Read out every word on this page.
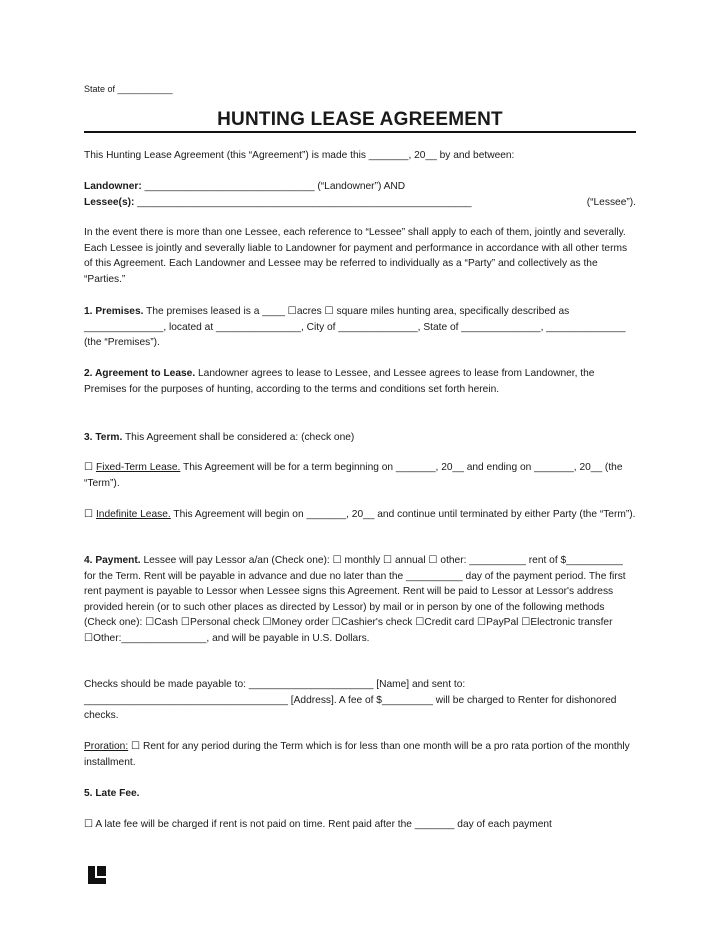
State of ___________
HUNTING LEASE AGREEMENT
This Hunting Lease Agreement (this “Agreement”) is made this _______, 20__ by and between:
Landowner: ______________________________ (“Landowner”) AND
Lessee(s): ___________________________________________________________	(“Lessee”).
In the event there is more than one Lessee, each reference to “Lessee” shall apply to each of them, jointly and severally. Each Lessee is jointly and severally liable to Landowner for payment and performance in accordance with all other terms of this Agreement. Each Landowner and Lessee may be referred to individually as a “Party” and collectively as the “Parties.”
1. Premises. The premises leased is a ____ ☐acres ☐ square miles hunting area, specifically described as ______________, located at _______________, City of ______________, State of ______________, ______________ (the “Premises”).
2. Agreement to Lease. Landowner agrees to lease to Lessee, and Lessee agrees to lease from Landowner, the Premises for the purposes of hunting, according to the terms and conditions set forth herein.
3. Term. This Agreement shall be considered a: (check one)
☐ Fixed-Term Lease. This Agreement will be for a term beginning on _______, 20__ and ending on _______, 20__ (the “Term”).
☐ Indefinite Lease. This Agreement will begin on _______, 20__ and continue until terminated by either Party (the “Term”).
4. Payment. Lessee will pay Lessor a/an (Check one): ☐ monthly ☐ annual ☐ other: __________ rent of $__________ for the Term. Rent will be payable in advance and due no later than the __________ day of the payment period. The first rent payment is payable to Lessor when Lessee signs this Agreement. Rent will be paid to Lessor at Lessor's address provided herein (or to such other places as directed by Lessor) by mail or in person by one of the following methods (Check one): ☐Cash ☐Personal check ☐Money order ☐Cashier's check ☐Credit card ☐PayPal ☐Electronic transfer ☐Other:_______________, and will be payable in U.S. Dollars.
Checks should be made payable to: ______________________ [Name] and sent to: ____________________________________ [Address]. A fee of $_________ will be charged to Renter for dishonored checks.
Proration: ☐ Rent for any period during the Term which is for less than one month will be a pro rata portion of the monthly installment.
5. Late Fee.
☐ A late fee will be charged if rent is not paid on time. Rent paid after the _______ day of each payment
